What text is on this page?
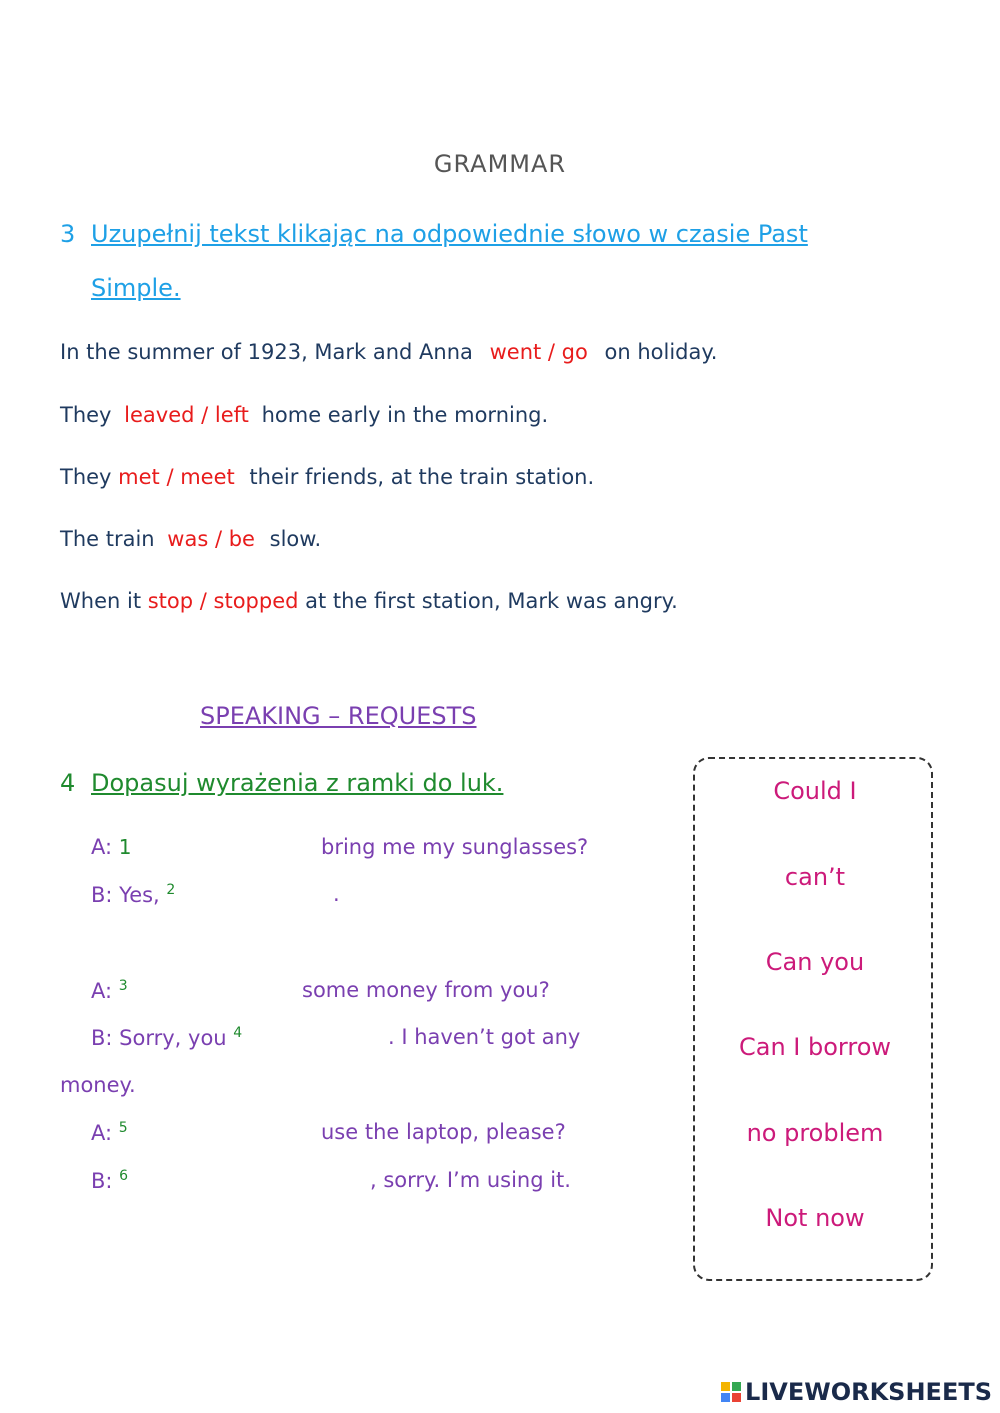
GRAMMAR
3 Uzupełnij tekst klikając na odpowiednie słowo w czasie Past
Simple.
In the summer of 1923, Mark and Anna went / go on holiday.
They leaved / left home early in the morning.
They met / meet their friends, at the train station.
The train was / be slow.
When it stop / stopped at the first station, Mark was angry.
SPEAKING – REQUESTS
4 Dopasuj wyrażenia z ramki do luk.
A: 1	bring me my sunglasses?
B: Yes, $^2$	.
A: $^3$	some money from you?
B: Sorry, you $^4$	. I haven’t got any
money.
A: $^5$	use the laptop, please?
B: $^6$	, sorry. I’m using it.
Could I
can’t
Can you
Can I borrow
no problem
Not now
LIVEWORKSHEETS
